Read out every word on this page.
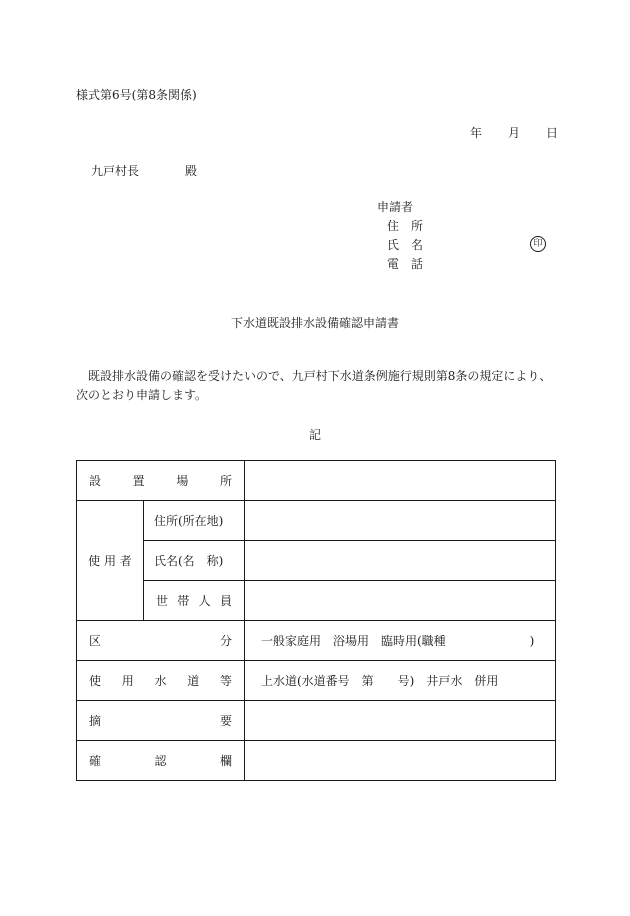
様式第6号(第8条関係)
年 月 日
九戸村長	殿
申請者
住　所
氏　名	印
電　話
下水道既設排水設備確認申請書
既設排水設備の確認を受けたいので、九戸村下水道条例施行規則第8条の規定により、次のとおり申請します。
記
設 置 場 所		

使 用 者	住所(所在地)	
	氏名(名　称)	

	世 帯 人 員	

区 分		一般家庭用　浴場用　臨時用(職種　　　　　　　)

使 用 水 道 等		上水道(水道番号　第　　号)　井戸水　併用

摘 要		

確 認 欄		
